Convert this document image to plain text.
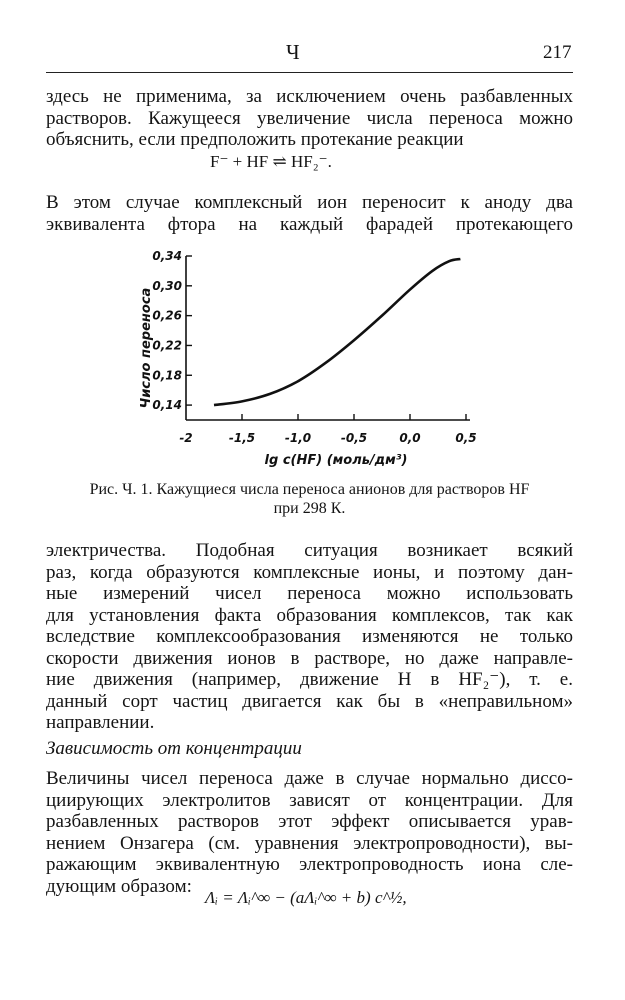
Ч	217

здесь не применима, за исключением очень разбавленных
растворов. Кажущееся увеличение числа переноса можно
объяснить, если предположить протекание реакции

F⁻ + HF ⇌ HF₂⁻.

В этом случае комплексный ион переносит к аноду два
эквивалента фтора на каждый фарадей протекающего

-2	-1,5 -1,0 -0,5	0,0	0,5
0,14
0,18
0,22
0,26
0,30
0,34
lg c(HF) (моль/дм³)
Число переноса
Рис. Ч. 1. Кажущиеся числа переноса анионов для растворов HF
при 298 К.

электричества. Подобная ситуация возникает всякий
раз, когда образуются комплексные ионы, и поэтому дан-
ные измерений чисел переноса можно использовать
для установления факта образования комплексов, так как
вследствие комплексообразования изменяются не только
скорости движения ионов в растворе, но даже направле-
ние движения (например, движение H в HF₂⁻), т. е.
данный сорт частиц двигается как бы в «неправильном»
направлении.

Зависимость от концентрации

Величины чисел переноса даже в случае нормально диссо-
циирующих электролитов зависят от концентрации. Для
разбавленных растворов этот эффект описывается урав-
нением Онзагера (см. уравнения электропроводности), вы-
ражающим эквивалентную электропроводность иона сле-
дующим образом:

Λᵢ = Λᵢ^∞ − (aΛᵢ^∞ + b) c^½,
